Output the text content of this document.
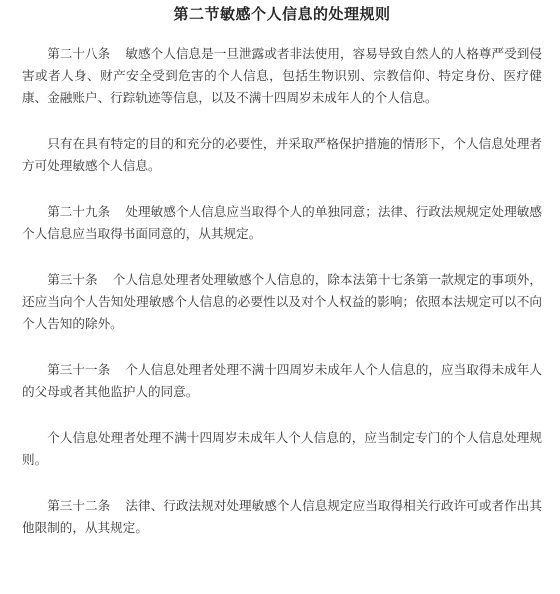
第二节敏感个人信息的处理规则

第二十八条 敏感个人信息是一旦泄露或者非法使用，容易导致自然人的人格尊严受到侵害或者人身、财产安全受到危害的个人信息，包括生物识别、宗教信仰、特定身份、医疗健康、金融账户、行踪轨迹等信息，以及不满十四周岁未成年人的个人信息。

只有在具有特定的目的和充分的必要性，并采取严格保护措施的情形下，个人信息处理者方可处理敏感个人信息。

第二十九条 处理敏感个人信息应当取得个人的单独同意；法律、行政法规规定处理敏感个人信息应当取得书面同意的，从其规定。

第三十条 个人信息处理者处理敏感个人信息的，除本法第十七条第一款规定的事项外，还应当向个人告知处理敏感个人信息的必要性以及对个人权益的影响；依照本法规定可以不向个人告知的除外。

第三十一条 个人信息处理者处理不满十四周岁未成年人个人信息的，应当取得未成年人的父母或者其他监护人的同意。

个人信息处理者处理不满十四周岁未成年人个人信息的，应当制定专门的个人信息处理规则。

第三十二条 法律、行政法规对处理敏感个人信息规定应当取得相关行政许可或者作出其他限制的，从其规定。
